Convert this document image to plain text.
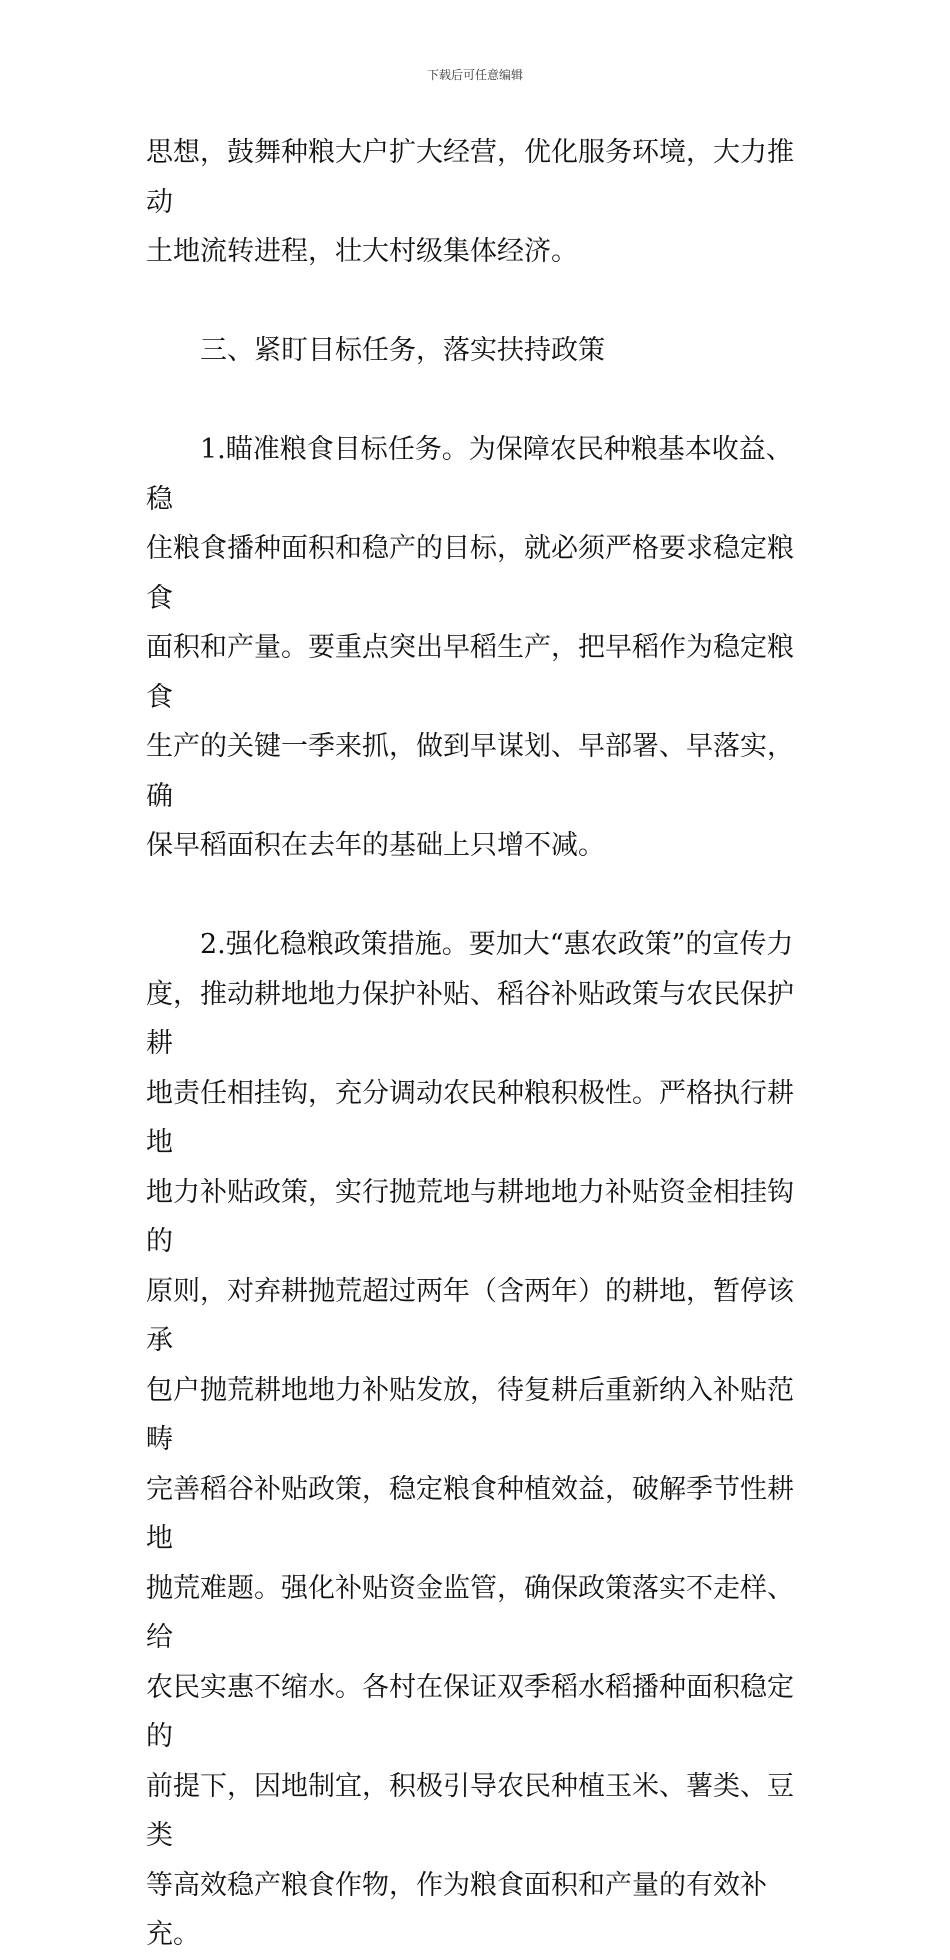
下载后可任意编辑
思想，鼓舞种粮大户扩大经营，优化服务环境，大力推动
土地流转进程，壮大村级集体经济。
三、紧盯目标任务，落实扶持政策
1.瞄准粮食目标任务。为保障农民种粮基本收益、稳
住粮食播种面积和稳产的目标，就必须严格要求稳定粮食
面积和产量。要重点突出早稻生产，把早稻作为稳定粮食
生产的关键一季来抓，做到早谋划、早部署、早落实，确
保早稻面积在去年的基础上只增不减。
2.强化稳粮政策措施。要加大“惠农政策”的宣传力
度，推动耕地地力保护补贴、稻谷补贴政策与农民保护耕
地责任相挂钩，充分调动农民种粮积极性。严格执行耕地
地力补贴政策，实行抛荒地与耕地地力补贴资金相挂钩的
原则，对弃耕抛荒超过两年（含两年）的耕地，暂停该承
包户抛荒耕地地力补贴发放，待复耕后重新纳入补贴范畴
完善稻谷补贴政策，稳定粮食种植效益，破解季节性耕地
抛荒难题。强化补贴资金监管，确保政策落实不走样、给
农民实惠不缩水。各村在保证双季稻水稻播种面积稳定的
前提下，因地制宜，积极引导农民种植玉米、薯类、豆类
等高效稳产粮食作物，作为粮食面积和产量的有效补充。
